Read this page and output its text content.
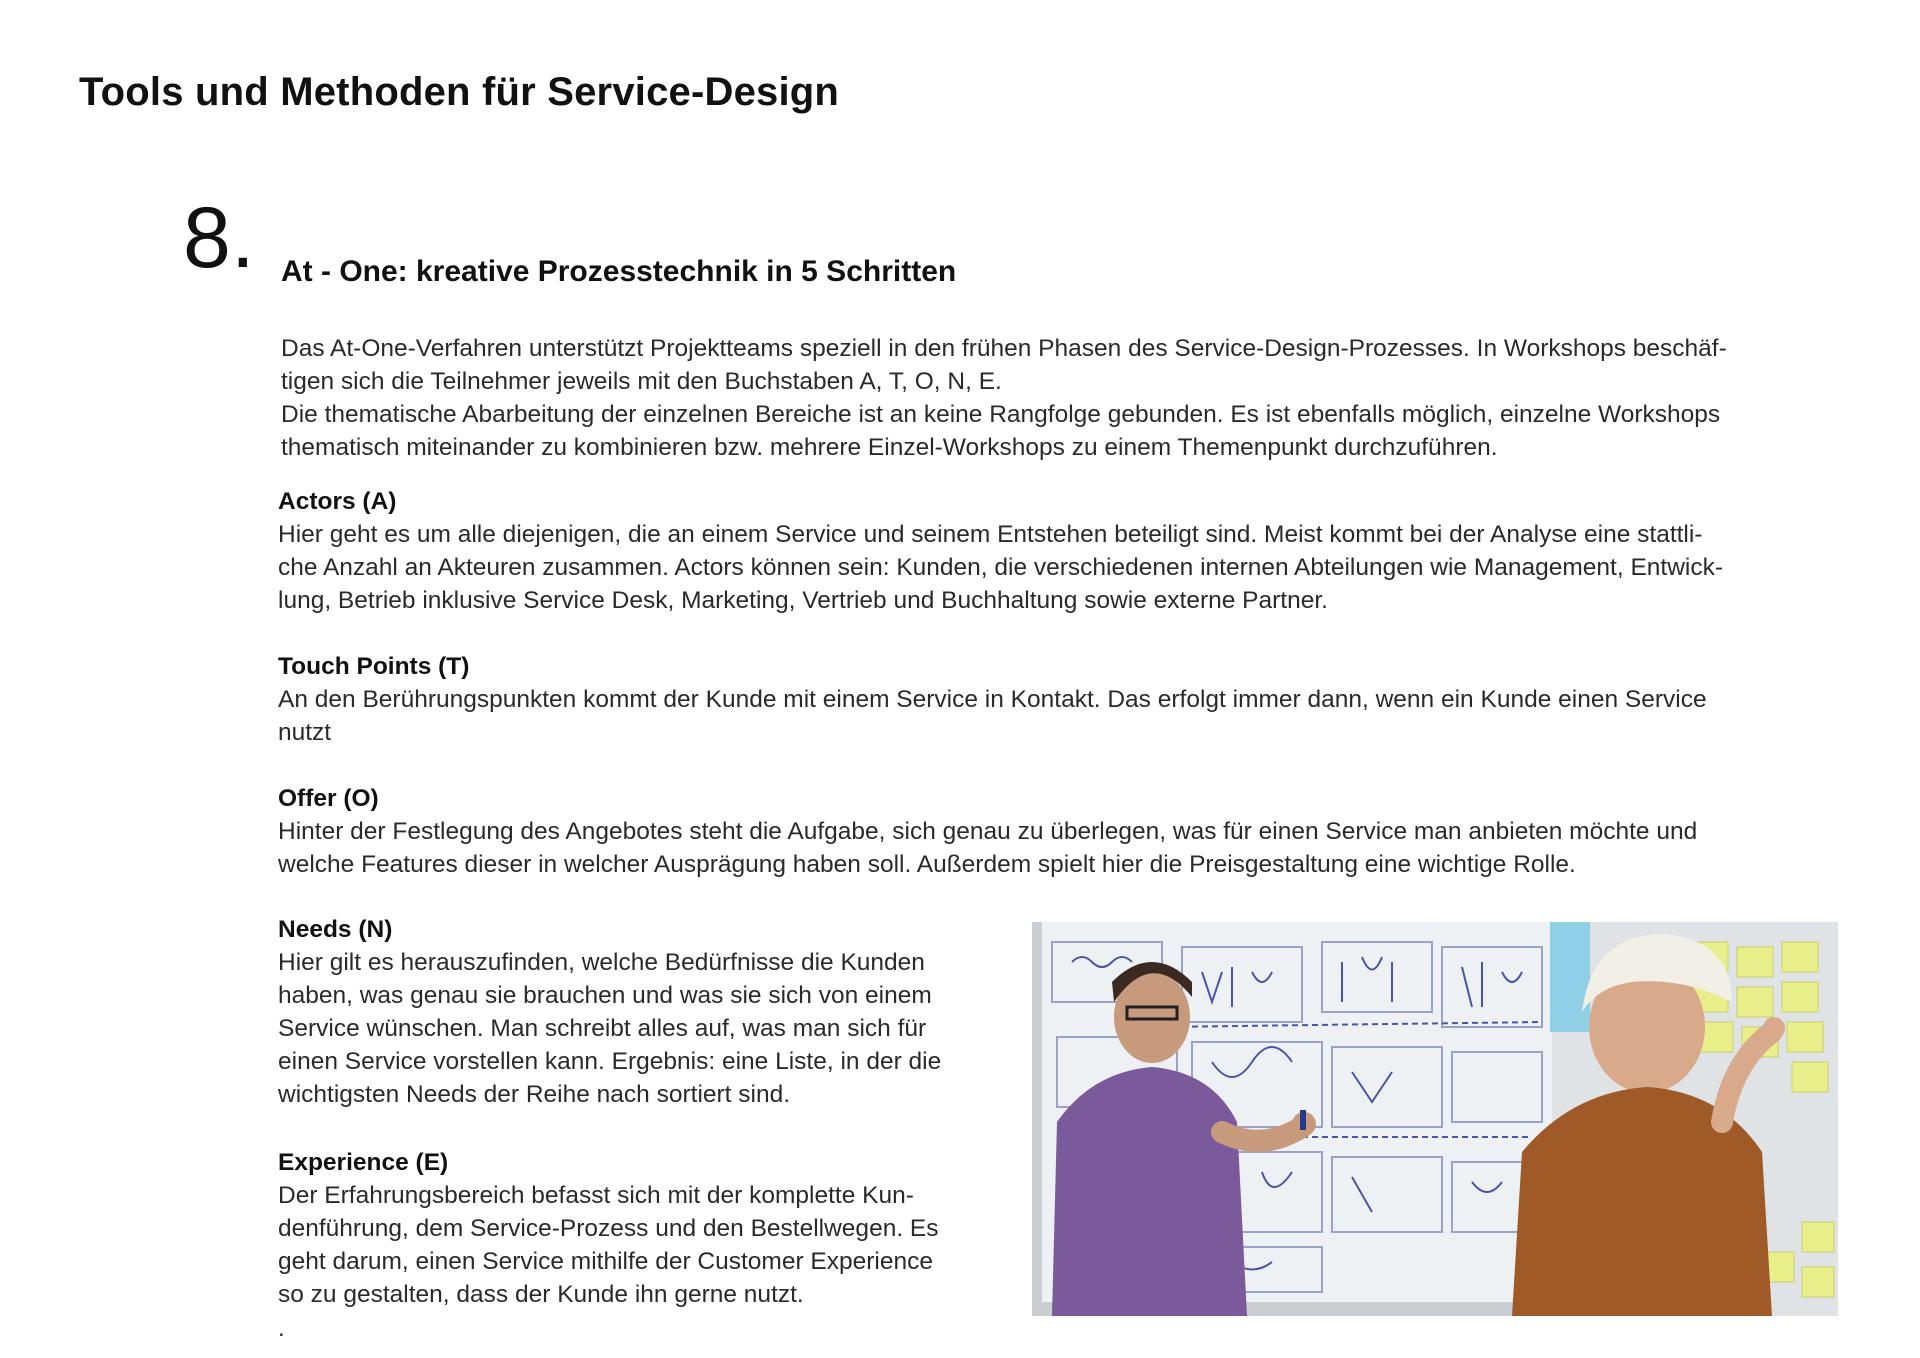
Tools und Methoden für Service-Design
8. At - One: kreative Prozesstechnik in 5 Schritten

Das At-One-Verfahren unterstützt Projektteams speziell in den frühen Phasen des Service-Design-Prozesses. In Workshops beschäf-

tigen sich die Teilnehmer jeweils mit den Buchstaben A, T, O, N, E.

Die thematische Abarbeitung der einzelnen Bereiche ist an keine Rangfolge gebunden. Es ist ebenfalls möglich, einzelne Workshops

thematisch miteinander zu kombinieren bzw. mehrere Einzel-Workshops zu einem Themenpunkt durchzuführen.

Actors (A)

Hier geht es um alle diejenigen, die an einem Service und seinem Entstehen beteiligt sind. Meist kommt bei der Analyse eine stattli-

che Anzahl an Akteuren zusammen. Actors können sein: Kunden, die verschiedenen internen Abteilungen wie Management, Entwick-

lung, Betrieb inklusive Service Desk, Marketing, Vertrieb und Buchhaltung sowie externe Partner.

Touch Points (T)

An den Berührungspunkten kommt der Kunde mit einem Service in Kontakt. Das erfolgt immer dann, wenn ein Kunde einen Service

nutzt

Offer (O)

Hinter der Festlegung des Angebotes steht die Aufgabe, sich genau zu überlegen, was für einen Service man anbieten möchte und

welche Features dieser in welcher Ausprägung haben soll. Außerdem spielt hier die Preisgestaltung eine wichtige Rolle.

Needs (N)

Hier gilt es herauszufinden, welche Bedürfnisse die Kunden

haben, was genau sie brauchen und was sie sich von einem

Service wünschen. Man schreibt alles auf, was man sich für

einen Service vorstellen kann. Ergebnis: eine Liste, in der die

wichtigsten Needs der Reihe nach sortiert sind.

Experience (E)

Der Erfahrungsbereich befasst sich mit der komplette Kun-

denführung, dem Service-Prozess und den Bestellwegen. Es

geht darum, einen Service mithilfe der Customer Experience

so zu gestalten, dass der Kunde ihn gerne nutzt.

.
